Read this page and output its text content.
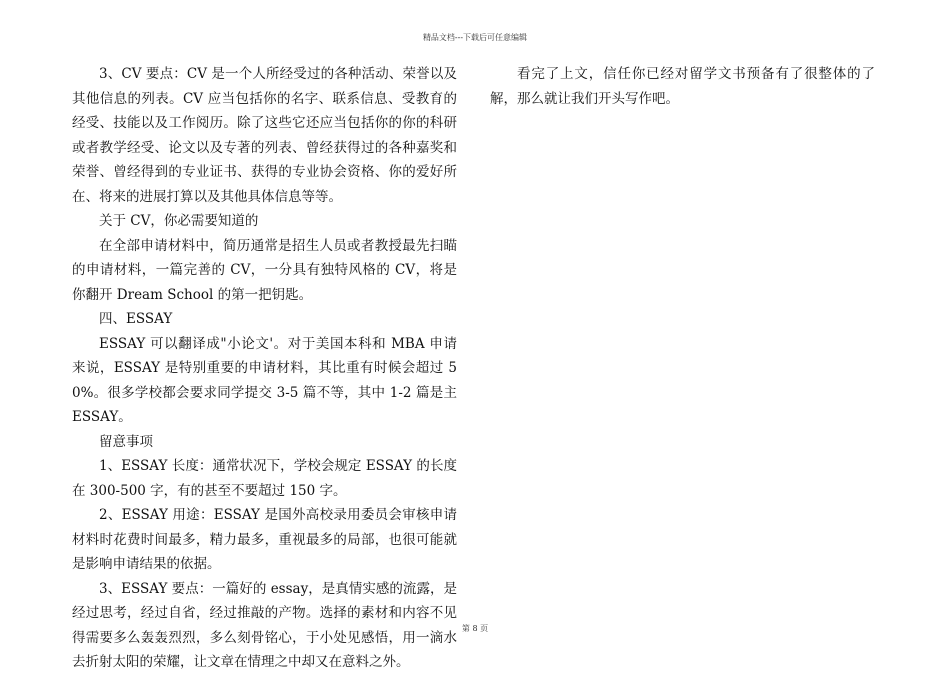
精品文档---下载后可任意编辑

3、CV 要点：CV 是一个人所经受过的各种活动、荣誉以及其他信息的列表。CV 应当包括你的名字、联系信息、受教育的经受、技能以及工作阅历。除了这些它还应当包括你的你的科研或者教学经受、论文以及专著的列表、曾经获得过的各种嘉奖和荣誉、曾经得到的专业证书、获得的专业协会资格、你的爱好所在、将来的进展打算以及其他具体信息等等。

关于 CV，你必需要知道的

在全部申请材料中，简历通常是招生人员或者教授最先扫瞄的申请材料，一篇完善的 CV，一分具有独特风格的 CV，将是你翻开 Dream School 的第一把钥匙。

四、ESSAY

ESSAY 可以翻译成"小论文'。对于美国本科和 MBA 申请来说，ESSAY 是特别重要的申请材料，其比重有时候会超过 50%。很多学校都会要求同学提交 3-5 篇不等，其中 1-2 篇是主 ESSAY。

留意事项

1、ESSAY 长度：通常状况下，学校会规定 ESSAY 的长度在 300-500 字，有的甚至不要超过 150 字。

2、ESSAY 用途：ESSAY 是国外高校录用委员会审核申请材料时花费时间最多，精力最多，重视最多的局部，也很可能就是影响申请结果的依据。

3、ESSAY 要点：一篇好的 essay，是真情实感的流露，是经过思考，经过自省，经过推敲的产物。选择的素材和内容不见得需要多么轰轰烈烈，多么刻骨铭心，于小处见感悟，用一滴水去折射太阳的荣耀，让文章在情理之中却又在意料之外。

看完了上文，信任你已经对留学文书预备有了很整体的了解，那么就让我们开头写作吧。

第 8 页
